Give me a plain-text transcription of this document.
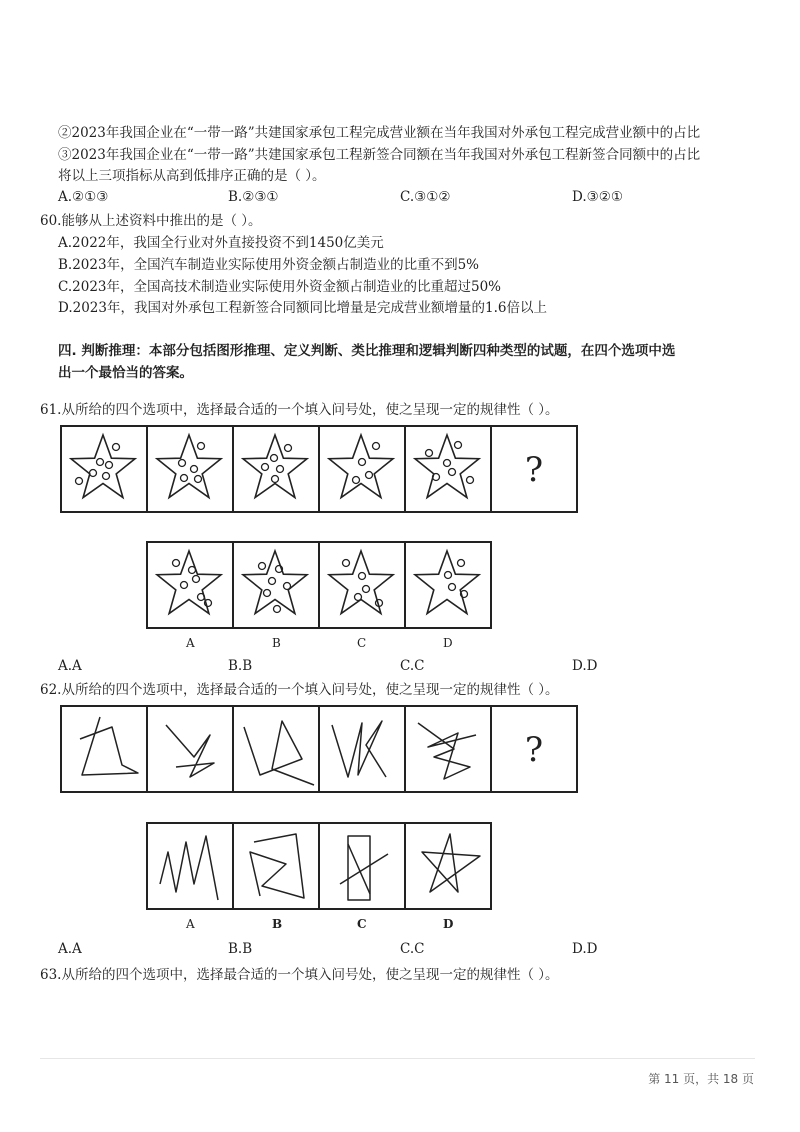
②2023年我国企业在“一带一路”共建国家承包工程完成营业额在当年我国对外承包工程完成营业额中的占比
③2023年我国企业在“一带一路”共建国家承包工程新签合同额在当年我国对外承包工程新签合同额中的占比
将以上三项指标从高到低排序正确的是（ ）。
A.②①③	B.②③①	C.③①②	D.③②①
60.能够从上述资料中推出的是（ ）。
A.2022年，我国全行业对外直接投资不到1450亿美元
B.2023年，全国汽车制造业实际使用外资金额占制造业的比重不到5%
C.2023年，全国高技术制造业实际使用外资金额占制造业的比重超过50%
D.2023年，我国对外承包工程新签合同额同比增量是完成营业额增量的1.6倍以上
四. 判断推理：本部分包括图形推理、定义判断、类比推理和逻辑判断四种类型的试题，在四个选项中选
出一个最恰当的答案。
61.从所给的四个选项中，选择最合适的一个填入问号处，使之呈现一定的规律性（ ）。
?
A	B	C	D
A.A	B.B	C.C	D.D
62.从所给的四个选项中，选择最合适的一个填入问号处，使之呈现一定的规律性（ ）。
?
A	B	C	D
A.A	B.B	C.C	D.D
63.从所给的四个选项中，选择最合适的一个填入问号处，使之呈现一定的规律性（ ）。
第 11 页，共 18 页
